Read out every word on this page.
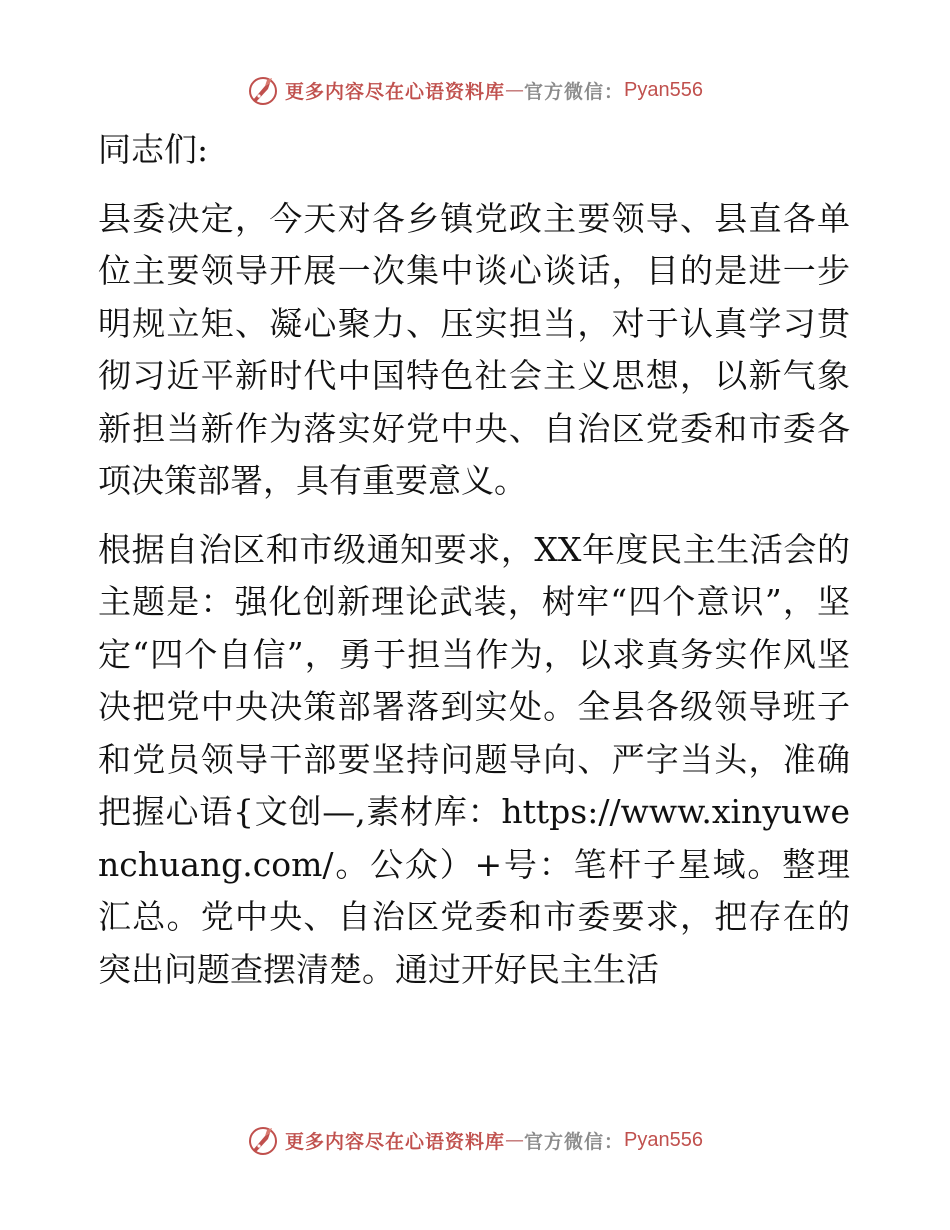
更多内容尽在心语资料库 — 官方微信： Pyan556

同志们:

县委决定，今天对各乡镇党政主要领导、县直各单位主要领导开展一次集中谈心谈话，目的是进一步明规立矩、凝心聚力、压实担当，对于认真学习贯彻习近平新时代中国特色社会主义思想，以新气象新担当新作为落实好党中央、自治区党委和市委各项决策部署，具有重要意义。

根据自治区和市级通知要求，XX年度民主生活会的主题是：强化创新理论武装，树牢“四个意识”，坚定“四个自信”，勇于担当作为，以求真务实作风坚决把党中央决策部署落到实处。全县各级领导班子和党员领导干部要坚持问题导向、严字当头，准确把握心语{文创—,素材库：https://www.xinyuwenchuang.com/。公众）+号：笔杆子星域。整理汇总。党中央、自治区党委和市委要求，把存在的突出问题查摆清楚。通过开好民主生活

更多内容尽在心语资料库 — 官方微信： Pyan556
